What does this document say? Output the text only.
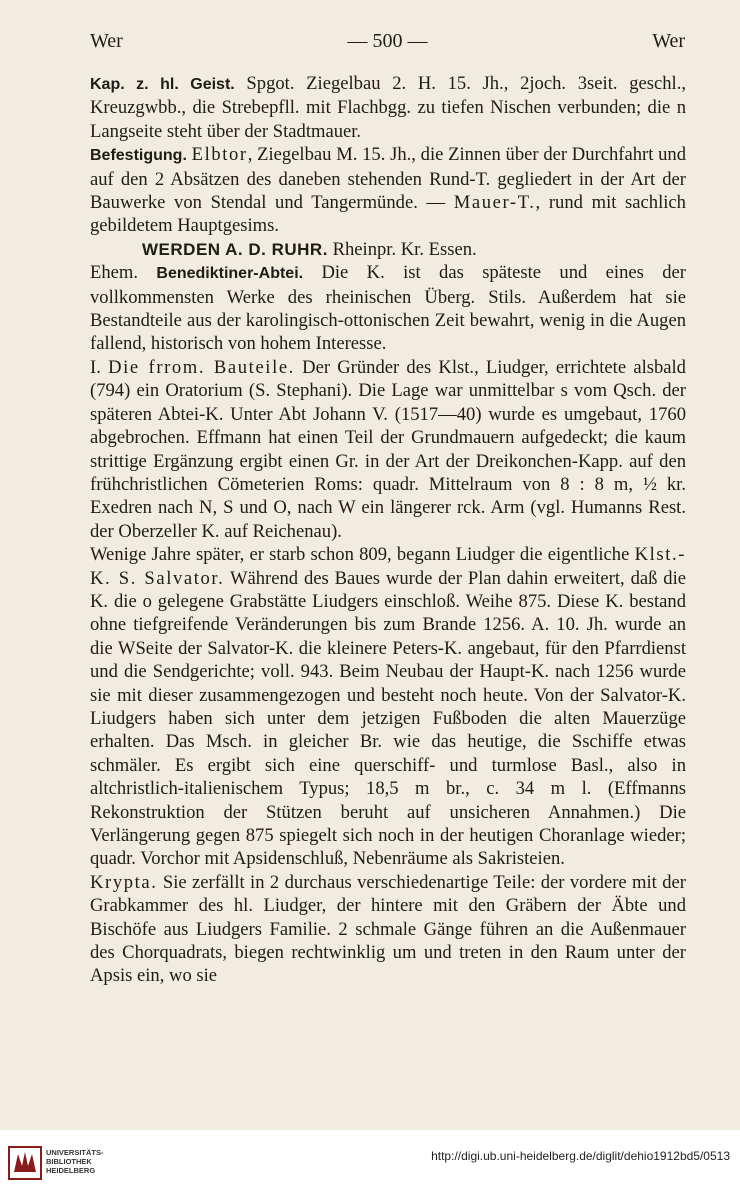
Wer	— 500 —	Wer

Kap. z. hl. Geist. Spgot. Ziegelbau 2. H. 15. Jh., 2joch. 3seit. geschl., Kreuzgwbb., die Strebepfll. mit Flachbgg. zu tiefen Nischen verbunden; die n Langseite steht über der Stadtmauer.

Befestigung. Elbtor, Ziegelbau M. 15. Jh., die Zinnen über der Durchfahrt und auf den 2 Absätzen des daneben stehenden Rund-T. gegliedert in der Art der Bauwerke von Stendal und Tangermünde. — Mauer-T., rund mit sachlich gebildetem Hauptgesims.

WERDEN A. D. RUHR. Rheinpr. Kr. Essen.

Ehem. Benediktiner-Abtei. Die K. ist das späteste und eines der vollkommensten Werke des rheinischen Überg. Stils. Außerdem hat sie Bestandteile aus der karolingisch-ottonischen Zeit bewahrt, wenig in die Augen fallend, historisch von hohem Interesse.

I. Die frrom. Bauteile. Der Gründer des Klst., Liudger, errichtete alsbald (794) ein Oratorium (S. Stephani). Die Lage war unmittelbar s vom Qsch. der späteren Abtei-K. Unter Abt Johann V. (1517—40) wurde es umgebaut, 1760 abgebrochen. Effmann hat einen Teil der Grundmauern aufgedeckt; die kaum strittige Ergänzung ergibt einen Gr. in der Art der Dreikonchen-Kapp. auf den frühchristlichen Cömeterien Roms: quadr. Mittelraum von 8 : 8 m, ½ kr. Exedren nach N, S und O, nach W ein längerer rck. Arm (vgl. Humanns Rest. der Oberzeller K. auf Reichenau).

Wenige Jahre später, er starb schon 809, begann Liudger die eigentliche Klst.-K. S. Salvator. Während des Baues wurde der Plan dahin erweitert, daß die K. die o gelegene Grabstätte Liudgers einschloß. Weihe 875. Diese K. bestand ohne tiefgreifende Veränderungen bis zum Brande 1256. A. 10. Jh. wurde an die WSeite der Salvator-K. die kleinere Peters-K. angebaut, für den Pfarrdienst und die Sendgerichte; voll. 943. Beim Neubau der Haupt-K. nach 1256 wurde sie mit dieser zusammengezogen und besteht noch heute. Von der Salvator-K. Liudgers haben sich unter dem jetzigen Fußboden die alten Mauerzüge erhalten. Das Msch. in gleicher Br. wie das heutige, die Sschiffe etwas schmäler. Es ergibt sich eine querschiff- und turmlose Basl., also in altchristlich-italienischem Typus; 18,5 m br., c. 34 m l. (Effmanns Rekonstruktion der Stützen beruht auf unsicheren Annahmen.) Die Verlängerung gegen 875 spiegelt sich noch in der heutigen Choranlage wieder; quadr. Vorchor mit Apsidenschluß, Nebenräume als Sakristeien.

Krypta. Sie zerfällt in 2 durchaus verschiedenartige Teile: der vordere mit der Grabkammer des hl. Liudger, der hintere mit den Gräbern der Äbte und Bischöfe aus Liudgers Familie. 2 schmale Gänge führen an die Außenmauer des Chorquadrats, biegen rechtwinklig um und treten in den Raum unter der Apsis ein, wo sie

UNIVERSITÄTS-
BIBLIOTHEK
HEIDELBERG
http://digi.ub.uni-heidelberg.de/diglit/dehio1912bd5/0513
